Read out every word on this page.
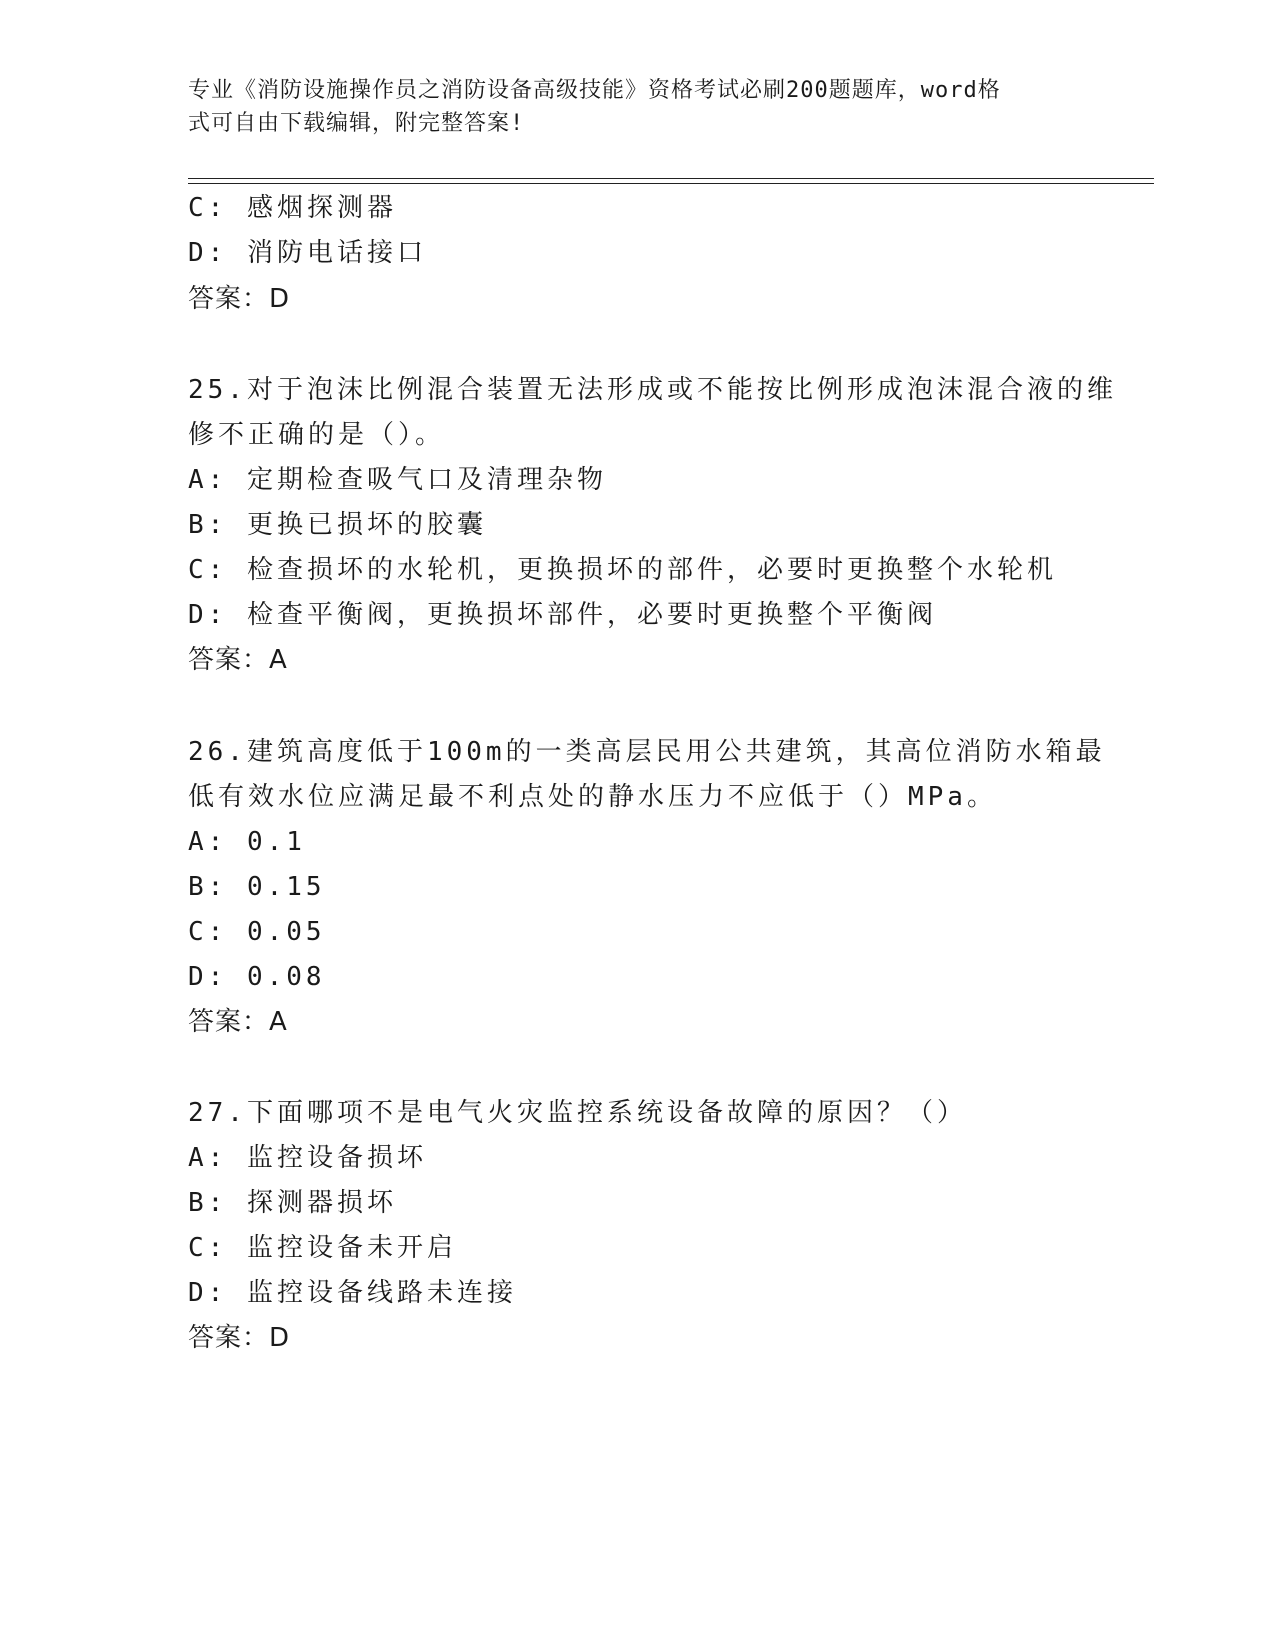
专业《消防设施操作员之消防设备高级技能》资格考试必刷200题题库，word格
式可自由下载编辑，附完整答案!
C: 感烟探测器
D: 消防电话接口
答案：D
25.对于泡沫比例混合装置无法形成或不能按比例形成泡沫混合液的维
修不正确的是（）。
A: 定期检查吸气口及清理杂物
B: 更换已损坏的胶囊
C: 检查损坏的水轮机，更换损坏的部件，必要时更换整个水轮机
D: 检查平衡阀，更换损坏部件，必要时更换整个平衡阀
答案：A
26.建筑高度低于100m的一类高层民用公共建筑，其高位消防水箱最
低有效水位应满足最不利点处的静水压力不应低于（）MPa。
A: 0.1
B: 0.15
C: 0.05
D: 0.08
答案：A
27.下面哪项不是电气火灾监控系统设备故障的原因？（）
A: 监控设备损坏
B: 探测器损坏
C: 监控设备未开启
D: 监控设备线路未连接
答案：D
